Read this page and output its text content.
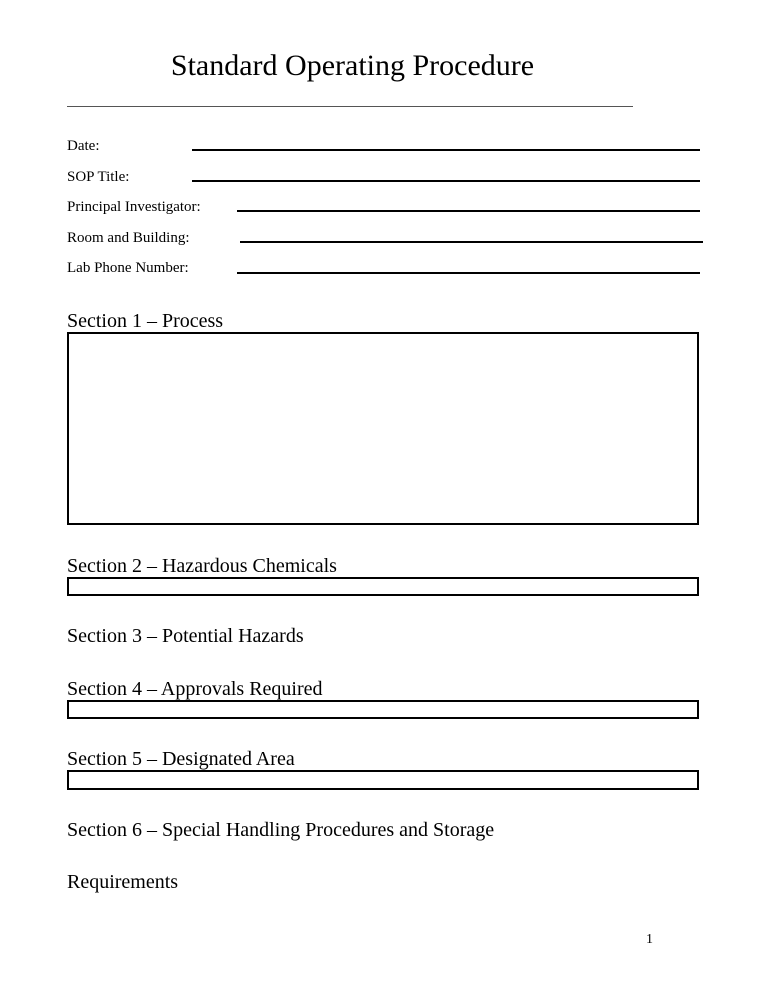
Standard Operating Procedure
Date:
SOP Title:
Principal Investigator:
Room and Building:
Lab Phone Number:
Section 1 – Process
Section 2 – Hazardous Chemicals
Section 3 – Potential Hazards
Section 4 – Approvals Required
Section 5 – Designated Area
Section 6 – Special Handling Procedures and Storage
Requirements
1
